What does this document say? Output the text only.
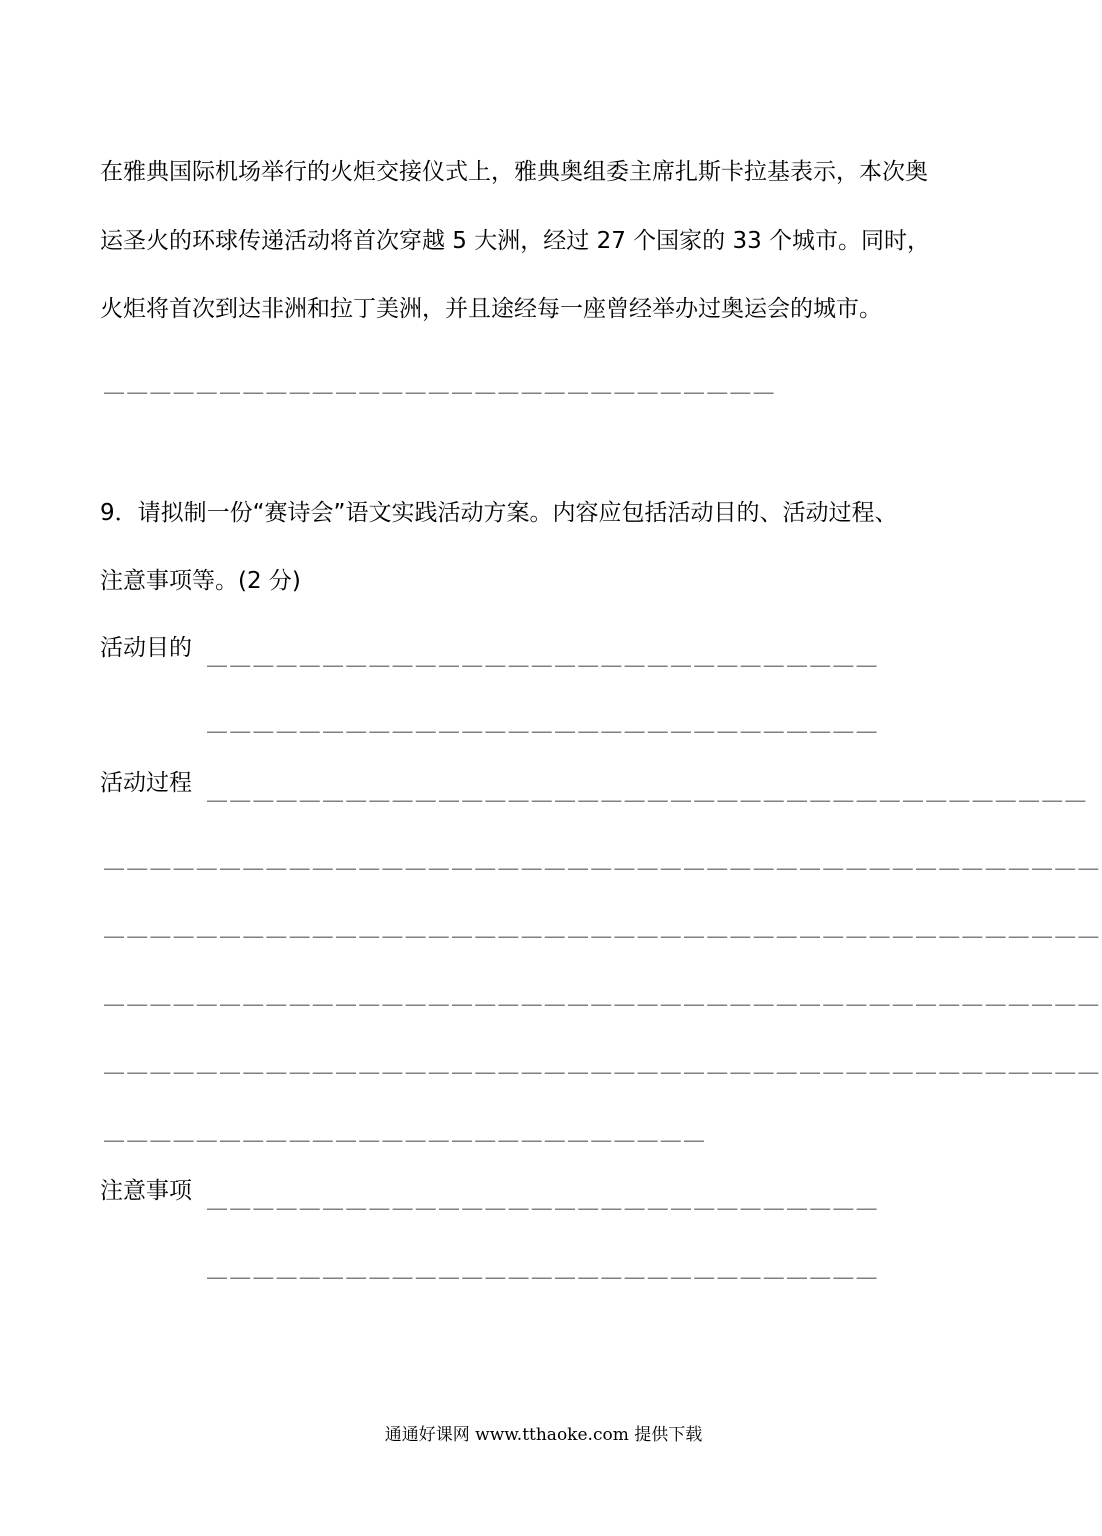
在雅典国际机场举行的火炬交接仪式上，雅典奥组委主席扎斯卡拉基表示，本次奥
运圣火的环球传递活动将首次穿越 5 大洲，经过 27 个国家的 33 个城市。同时，
火炬将首次到达非洲和拉丁美洲，并且途经每一座曾经举办过奥运会的城市。
＿＿＿＿＿＿＿＿＿＿＿＿＿＿＿＿＿＿＿＿＿＿＿＿＿＿＿＿＿
9．请拟制一份“赛诗会”语文实践活动方案。内容应包括活动目的、活动过程、
注意事项等。(2 分)
活动目的 ＿＿＿＿＿＿＿＿＿＿＿＿＿＿＿＿＿＿＿＿＿＿＿＿＿＿＿＿＿
＿＿＿＿＿＿＿＿＿＿＿＿＿＿＿＿＿＿＿＿＿＿＿＿＿＿＿＿＿
活动过程 ＿＿＿＿＿＿＿＿＿＿＿＿＿＿＿＿＿＿＿＿＿＿＿＿＿＿＿＿＿＿＿＿＿＿＿＿＿＿
＿＿＿＿＿＿＿＿＿＿＿＿＿＿＿＿＿＿＿＿＿＿＿＿＿＿＿＿＿＿＿＿＿＿＿＿＿＿＿＿＿＿＿
＿＿＿＿＿＿＿＿＿＿＿＿＿＿＿＿＿＿＿＿＿＿＿＿＿＿＿＿＿＿＿＿＿＿＿＿＿＿＿＿＿＿＿
＿＿＿＿＿＿＿＿＿＿＿＿＿＿＿＿＿＿＿＿＿＿＿＿＿＿＿＿＿＿＿＿＿＿＿＿＿＿＿＿＿＿＿
＿＿＿＿＿＿＿＿＿＿＿＿＿＿＿＿＿＿＿＿＿＿＿＿＿＿＿＿＿＿＿＿＿＿＿＿＿＿＿＿＿＿＿
＿＿＿＿＿＿＿＿＿＿＿＿＿＿＿＿＿＿＿＿＿＿＿＿＿＿
注意事项 ＿＿＿＿＿＿＿＿＿＿＿＿＿＿＿＿＿＿＿＿＿＿＿＿＿＿＿＿＿
＿＿＿＿＿＿＿＿＿＿＿＿＿＿＿＿＿＿＿＿＿＿＿＿＿＿＿＿＿
通通好课网 www.tthaoke.com 提供下载
